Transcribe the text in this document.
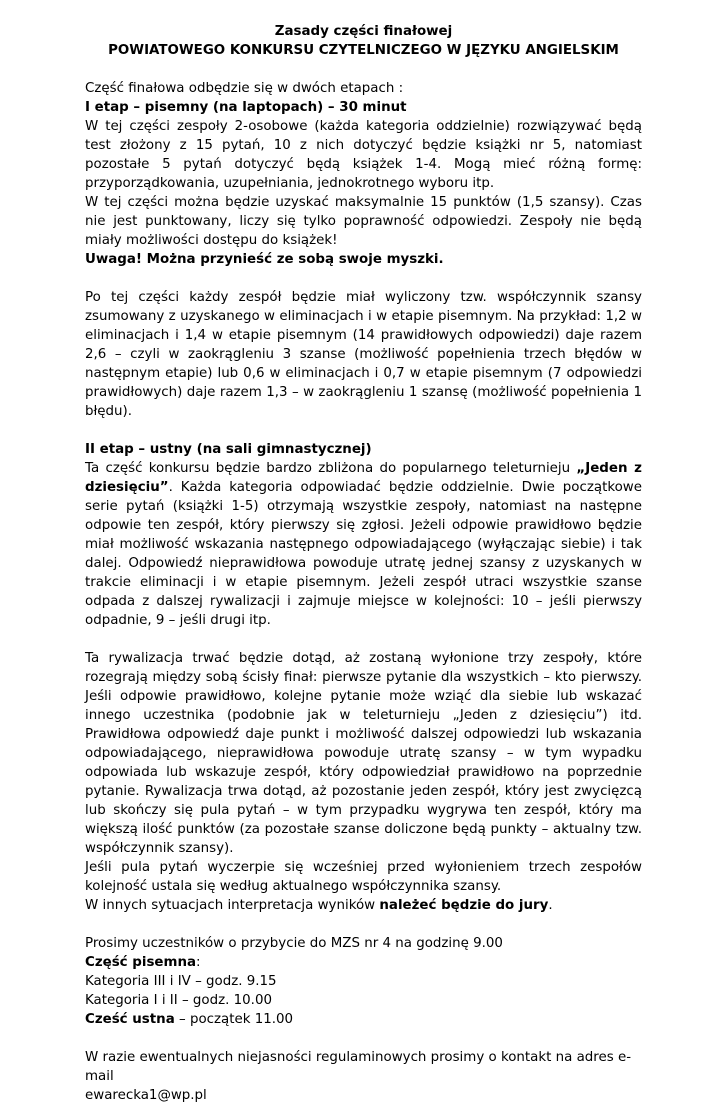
Zasady części finałowej
POWIATOWEGO KONKURSU CZYTELNICZEGO W JĘZYKU ANGIELSKIM

Część finałowa odbędzie się w dwóch etapach :

I etap – pisemny (na laptopach) – 30 minut

W tej części zespoły 2-osobowe (każda kategoria oddzielnie) rozwiązywać będą test złożony z 15 pytań, 10 z nich dotyczyć będzie książki nr 5, natomiast pozostałe 5 pytań dotyczyć będą książek 1-4. Mogą mieć różną formę: przyporządkowania, uzupełniania, jednokrotnego wyboru itp.

W tej części można będzie uzyskać maksymalnie 15 punktów (1,5 szansy). Czas nie jest punktowany, liczy się tylko poprawność odpowiedzi. Zespoły nie będą miały możliwości dostępu do książek!

Uwaga! Można przynieść ze sobą swoje myszki.

Po tej części każdy zespół będzie miał wyliczony tzw. współczynnik szansy zsumowany z uzyskanego w eliminacjach i w etapie pisemnym. Na przykład: 1,2 w eliminacjach i 1,4 w etapie pisemnym (14 prawidłowych odpowiedzi) daje razem 2,6 – czyli w zaokrągleniu 3 szanse (możliwość popełnienia trzech błędów w następnym etapie) lub 0,6 w eliminacjach i 0,7 w etapie pisemnym (7 odpowiedzi prawidłowych) daje razem 1,3 – w zaokrągleniu 1 szansę (możliwość popełnienia 1 błędu).

II etap – ustny (na sali gimnastycznej)

Ta część konkursu będzie bardzo zbliżona do popularnego teleturnieju „Jeden z dziesięciu”. Każda kategoria odpowiadać będzie oddzielnie. Dwie początkowe serie pytań (książki 1-5) otrzymają wszystkie zespoły, natomiast na następne odpowie ten zespół, który pierwszy się zgłosi. Jeżeli odpowie prawidłowo będzie miał możliwość wskazania następnego odpowiadającego (wyłączając siebie) i tak dalej. Odpowiedź nieprawidłowa powoduje utratę jednej szansy z uzyskanych w trakcie eliminacji i w etapie pisemnym. Jeżeli zespół utraci wszystkie szanse odpada z dalszej rywalizacji i zajmuje miejsce w kolejności: 10 – jeśli pierwszy odpadnie, 9 – jeśli drugi itp.

Ta rywalizacja trwać będzie dotąd, aż zostaną wyłonione trzy zespoły, które rozegrają między sobą ścisły finał: pierwsze pytanie dla wszystkich – kto pierwszy. Jeśli odpowie prawidłowo, kolejne pytanie może wziąć dla siebie lub wskazać innego uczestnika (podobnie jak w teleturnieju „Jeden z dziesięciu”) itd. Prawidłowa odpowiedź daje punkt i możliwość dalszej odpowiedzi lub wskazania odpowiadającego, nieprawidłowa powoduje utratę szansy – w tym wypadku odpowiada lub wskazuje zespół, który odpowiedział prawidłowo na poprzednie pytanie. Rywalizacja trwa dotąd, aż pozostanie jeden zespół, który jest zwycięzcą lub skończy się pula pytań – w tym przypadku wygrywa ten zespół, który ma większą ilość punktów (za pozostałe szanse doliczone będą punkty – aktualny tzw. współczynnik szansy).

Jeśli pula pytań wyczerpie się wcześniej przed wyłonieniem trzech zespołów kolejność ustala się według aktualnego współczynnika szansy.

W innych sytuacjach interpretacja wyników należeć będzie do jury.

Prosimy uczestników o przybycie do MZS nr 4 na godzinę 9.00

Część pisemna:

Kategoria III i IV – godz. 9.15

Kategoria I i II – godz. 10.00

Cześć ustna – początek 11.00

W razie ewentualnych niejasności regulaminowych prosimy o kontakt na adres e-mail

ewarecka1@wp.pl
